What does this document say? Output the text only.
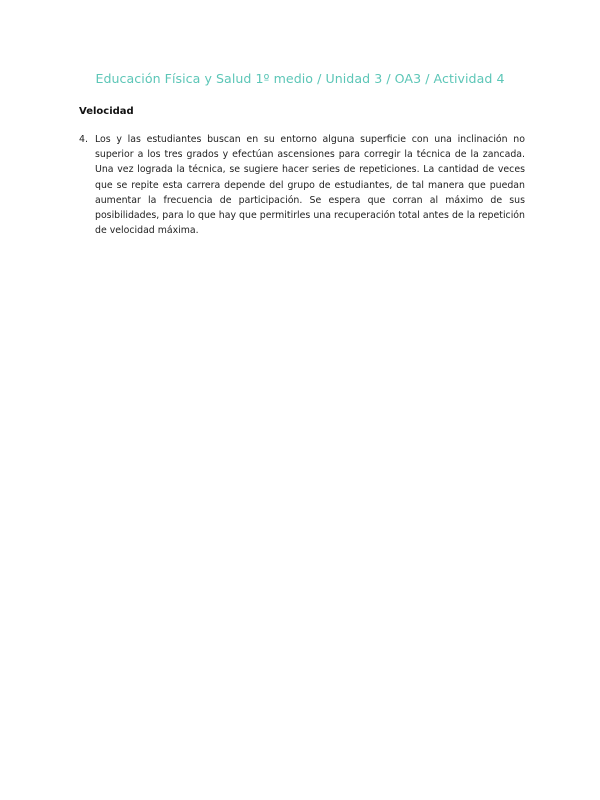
Educación Física y Salud 1º medio / Unidad 3 / OA3 / Actividad 4
Velocidad
4. Los y las estudiantes buscan en su entorno alguna superficie con una inclinación no superior a los tres grados y efectúan ascensiones para corregir la técnica de la zancada. Una vez lograda la técnica, se sugiere hacer series de repeticiones. La cantidad de veces que se repite esta carrera depende del grupo de estudiantes, de tal manera que puedan aumentar la frecuencia de participación. Se espera que corran al máximo de sus posibilidades, para lo que hay que permitirles una recuperación total antes de la repetición de velocidad máxima.
